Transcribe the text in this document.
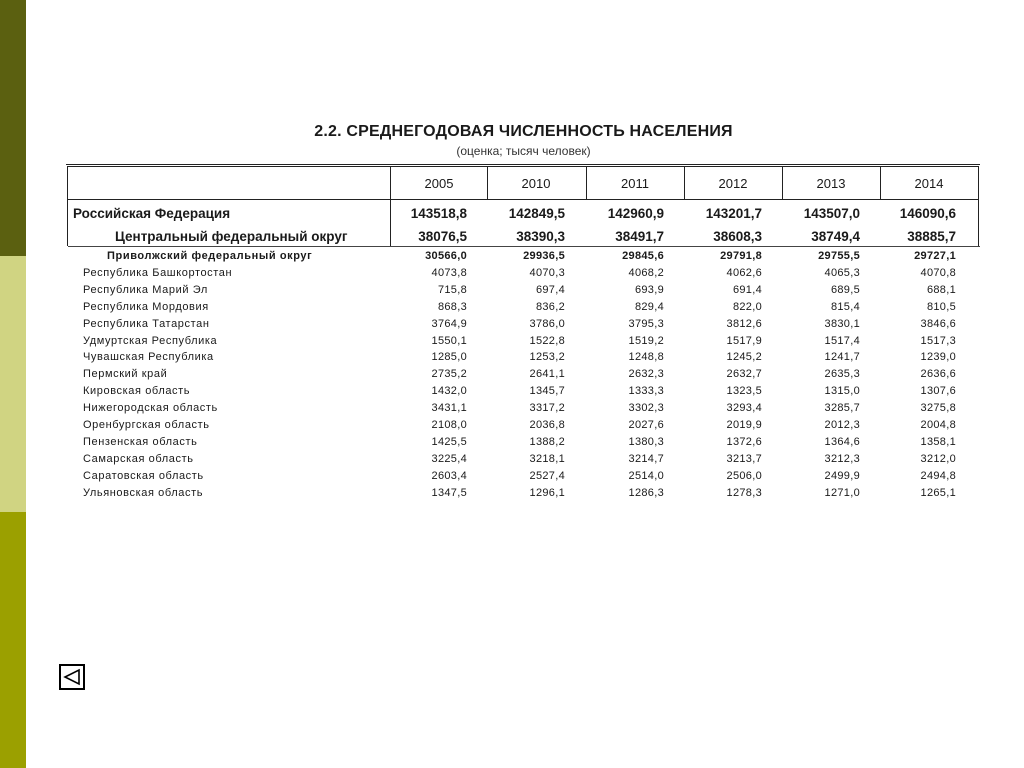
2.2. СРЕДНЕГОДОВАЯ ЧИСЛЕННОСТЬ НАСЕЛЕНИЯ
(оценка; тысяч человек)
2005	2010	2011	2012	2013	2014
Российская Федерация	143518,8	142849,5	142960,9	143201,7	143507,0	146090,6
Центральный федеральный округ	38076,5	38390,3	38491,7	38608,3	38749,4	38885,7
Приволжский федеральный округ	30566,0	29936,5	29845,6	29791,8	29755,5	29727,1
Республика Башкортостан	4073,8	4070,3	4068,2	4062,6	4065,3	4070,8
Республика Марий Эл	715,8	697,4	693,9	691,4	689,5	688,1
Республика Мордовия	868,3	836,2	829,4	822,0	815,4	810,5
Республика Татарстан	3764,9	3786,0	3795,3	3812,6	3830,1	3846,6
Удмуртская Республика	1550,1	1522,8	1519,2	1517,9	1517,4	1517,3
Чувашская Республика	1285,0	1253,2	1248,8	1245,2	1241,7	1239,0
Пермский край	2735,2	2641,1	2632,3	2632,7	2635,3	2636,6
Кировская область	1432,0	1345,7	1333,3	1323,5	1315,0	1307,6
Нижегородская область	3431,1	3317,2	3302,3	3293,4	3285,7	3275,8
Оренбургская область	2108,0	2036,8	2027,6	2019,9	2012,3	2004,8
Пензенская область	1425,5	1388,2	1380,3	1372,6	1364,6	1358,1
Самарская область	3225,4	3218,1	3214,7	3213,7	3212,3	3212,0
Саратовская область	2603,4	2527,4	2514,0	2506,0	2499,9	2494,8
Ульяновская область	1347,5	1296,1	1286,3	1278,3	1271,0	1265,1
